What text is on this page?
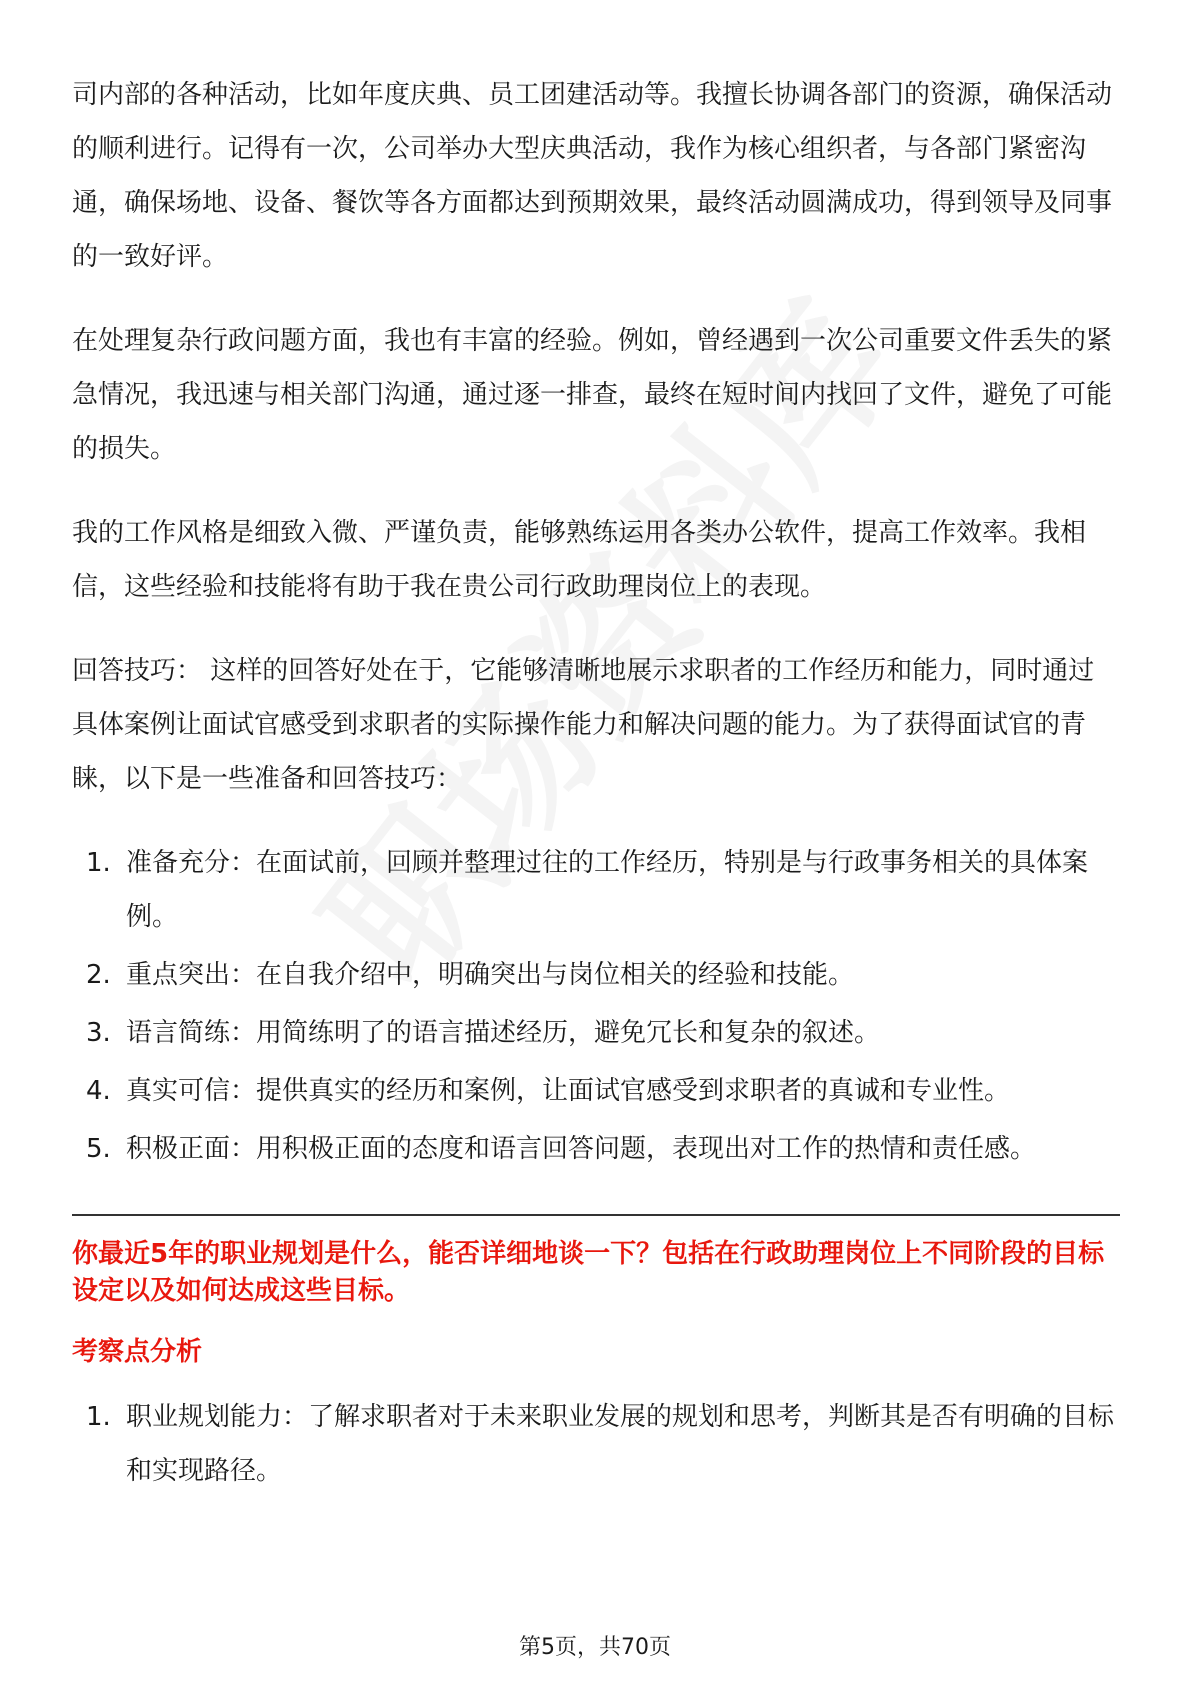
司内部的各种活动，比如年度庆典、员工团建活动等。我擅长协调各部门的资源，确保活动的顺利进行。记得有一次，公司举办大型庆典活动，我作为核心组织者，与各部门紧密沟通，确保场地、设备、餐饮等各方面都达到预期效果，最终活动圆满成功，得到领导及同事的一致好评。

在处理复杂行政问题方面，我也有丰富的经验。例如，曾经遇到一次公司重要文件丢失的紧急情况，我迅速与相关部门沟通，通过逐一排查，最终在短时间内找回了文件，避免了可能的损失。

我的工作风格是细致入微、严谨负责，能够熟练运用各类办公软件，提高工作效率。我相信，这些经验和技能将有助于我在贵公司行政助理岗位上的表现。

回答技巧： 这样的回答好处在于，它能够清晰地展示求职者的工作经历和能力，同时通过具体案例让面试官感受到求职者的实际操作能力和解决问题的能力。为了获得面试官的青睐，以下是一些准备和回答技巧：

1. 准备充分：在面试前，回顾并整理过往的工作经历，特别是与行政事务相关的具体案例。
2. 重点突出：在自我介绍中，明确突出与岗位相关的经验和技能。
3. 语言简练：用简练明了的语言描述经历，避免冗长和复杂的叙述。
4. 真实可信：提供真实的经历和案例，让面试官感受到求职者的真诚和专业性。
5. 积极正面：用积极正面的态度和语言回答问题，表现出对工作的热情和责任感。

你最近5年的职业规划是什么，能否详细地谈一下？包括在行政助理岗位上不同阶段的目标设定以及如何达成这些目标。

考察点分析

1. 职业规划能力：了解求职者对于未来职业发展的规划和思考，判断其是否有明确的目标和实现路径。
第5页，共70页
